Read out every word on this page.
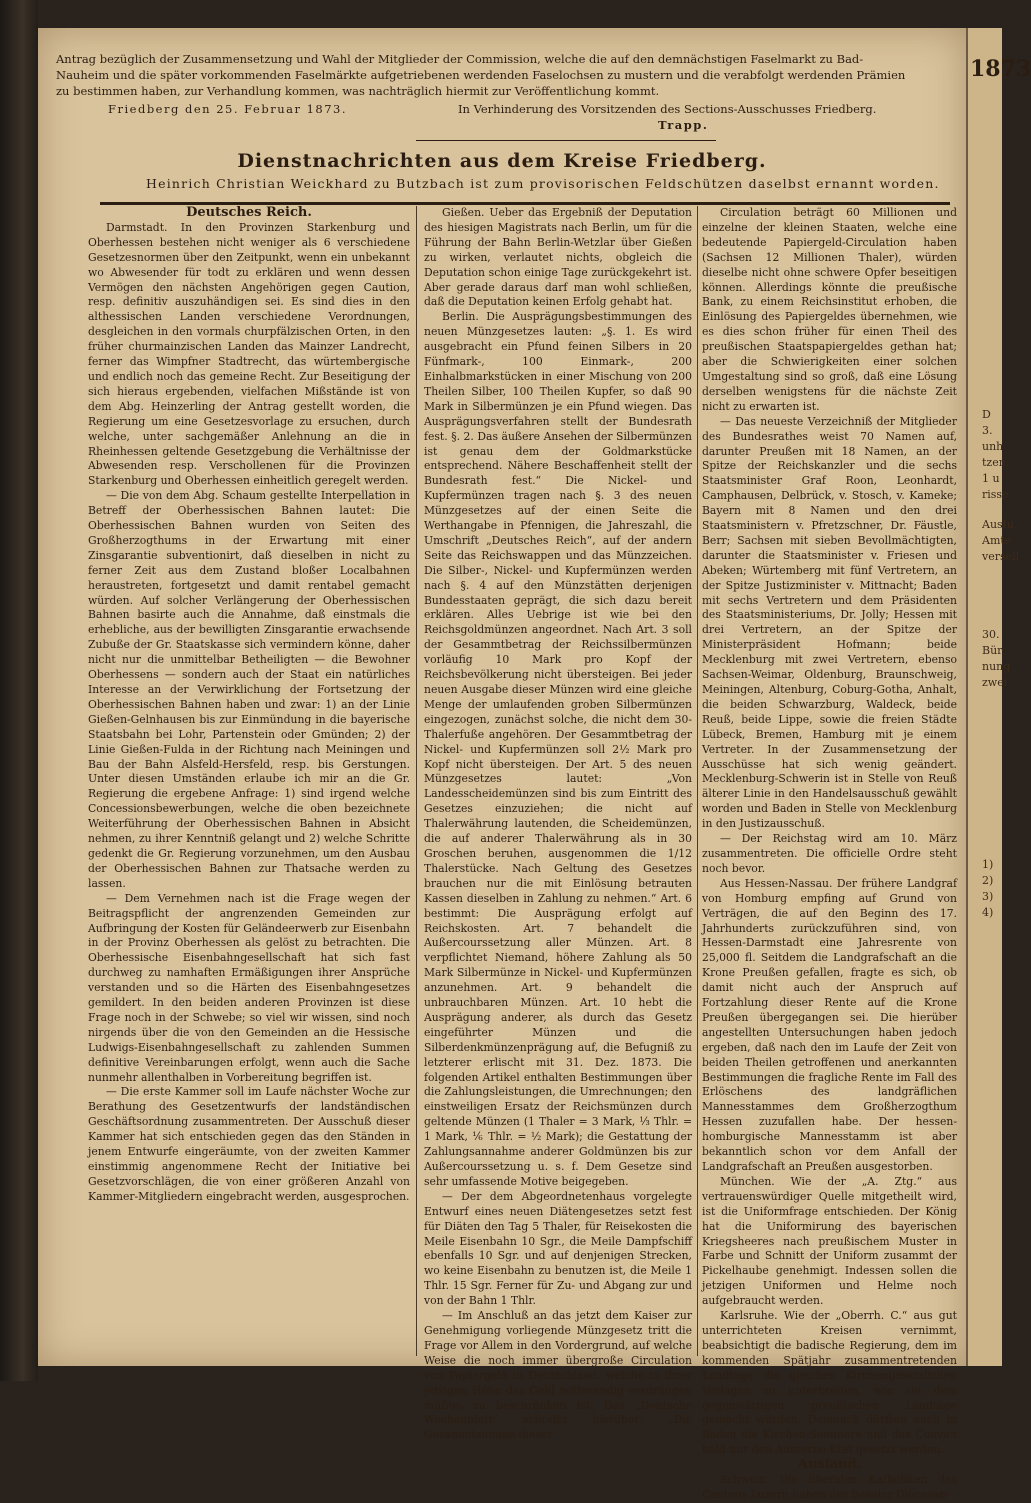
Antrag bezüglich der Zusammensetzung und Wahl der Mitglieder der Commission, welche die auf den demnächstigen Faselmarkt zu Bad-
Nauheim und die später vorkommenden Faselmärkte aufgetriebenen werdenden Faselochsen zu mustern und die verabfolgt werdenden Prämien
zu bestimmen haben, zur Verhandlung kommen, was nachträglich hiermit zur Veröffentlichung kommt.
Friedberg den 25. Februar 1873.	In Verhinderung des Vorsitzenden des Sections-Ausschusses Friedberg.
Trapp.
Dienstnachrichten aus dem Kreise Friedberg.
Heinrich Christian Weickhard zu Butzbach ist zum provisorischen Feldschützen daselbst ernannt worden.

Deutsches Reich.

Darmstadt. In den Provinzen Starkenburg und Oberhessen bestehen nicht weniger als 6 verschiedene Gesetzesnormen über den Zeitpunkt, wenn ein unbekannt wo Abwesender für todt zu erklären und wenn dessen Vermögen den nächsten Angehörigen gegen Caution, resp. definitiv auszuhändigen sei. Es sind dies in den althessischen Landen verschiedene Verordnungen, desgleichen in den vormals churpfälzischen Orten, in den früher churmainzischen Landen das Mainzer Landrecht, ferner das Wimpfner Stadtrecht, das würtembergische und endlich noch das gemeine Recht. Zur Beseitigung der sich hieraus ergebenden, vielfachen Mißstände ist von dem Abg. Heinzerling der Antrag gestellt worden, die Regierung um eine Gesetzesvorlage zu ersuchen, durch welche, unter sachgemäßer Anlehnung an die in Rheinhessen geltende Gesetzgebung die Verhältnisse der Abwesenden resp. Verschollenen für die Provinzen Starkenburg und Oberhessen einheitlich geregelt werden.

— Die von dem Abg. Schaum gestellte Interpellation in Betreff der Oberhessischen Bahnen lautet: Die Oberhessischen Bahnen wurden von Seiten des Großherzogthums in der Erwartung mit einer Zinsgarantie subventionirt, daß dieselben in nicht zu ferner Zeit aus dem Zustand bloßer Localbahnen heraustreten, fortgesetzt und damit rentabel gemacht würden. Auf solcher Verlängerung der Oberhessischen Bahnen basirte auch die Annahme, daß einstmals die erhebliche, aus der bewilligten Zinsgarantie erwachsende Zubuße der Gr. Staatskasse sich vermindern könne, daher nicht nur die unmittelbar Betheiligten — die Bewohner Oberhessens — sondern auch der Staat ein natürliches Interesse an der Verwirklichung der Fortsetzung der Oberhessischen Bahnen haben und zwar: 1) an der Linie Gießen-Gelnhausen bis zur Einmündung in die bayerische Staatsbahn bei Lohr, Partenstein oder Gmünden; 2) der Linie Gießen-Fulda in der Richtung nach Meiningen und Bau der Bahn Alsfeld-Hersfeld, resp. bis Gerstungen. Unter diesen Umständen erlaube ich mir an die Gr. Regierung die ergebene Anfrage: 1) sind irgend welche Concessionsbewerbungen, welche die oben bezeichnete Weiterführung der Oberhessischen Bahnen in Absicht nehmen, zu ihrer Kenntniß gelangt und 2) welche Schritte gedenkt die Gr. Regierung vorzunehmen, um den Ausbau der Oberhessischen Bahnen zur Thatsache werden zu lassen.

— Dem Vernehmen nach ist die Frage wegen der Beitragspflicht der angrenzenden Gemeinden zur Aufbringung der Kosten für Geländeerwerb zur Eisenbahn in der Provinz Oberhessen als gelöst zu betrachten. Die Oberhessische Eisenbahngesellschaft hat sich fast durchweg zu namhaften Ermäßigungen ihrer Ansprüche verstanden und so die Härten des Eisenbahngesetzes gemildert. In den beiden anderen Provinzen ist diese Frage noch in der Schwebe; so viel wir wissen, sind noch nirgends über die von den Gemeinden an die Hessische Ludwigs-Eisenbahngesellschaft zu zahlenden Summen definitive Vereinbarungen erfolgt, wenn auch die Sache nunmehr allenthalben in Vorbereitung begriffen ist.

— Die erste Kammer soll im Laufe nächster Woche zur Berathung des Gesetzentwurfs der landständischen Geschäftsordnung zusammentreten. Der Ausschuß dieser Kammer hat sich entschieden gegen das den Ständen in jenem Entwurfe eingeräumte, von der zweiten Kammer einstimmig angenommene Recht der Initiative bei Gesetzvorschlägen, die von einer größeren Anzahl von Kammer-Mitgliedern eingebracht werden, ausgesprochen.

Gießen. Ueber das Ergebniß der Deputation des hiesigen Magistrats nach Berlin, um für die Führung der Bahn Berlin-Wetzlar über Gießen zu wirken, verlautet nichts, obgleich die Deputation schon einige Tage zurückgekehrt ist. Aber gerade daraus darf man wohl schließen, daß die Deputation keinen Erfolg gehabt hat.

Berlin. Die Ausprägungsbestimmungen des neuen Münzgesetzes lauten: „§. 1. Es wird ausgebracht ein Pfund feinen Silbers in 20 Fünfmark-, 100 Einmark-, 200 Einhalbmarkstücken in einer Mischung von 200 Theilen Silber, 100 Theilen Kupfer, so daß 90 Mark in Silbermünzen je ein Pfund wiegen. Das Ausprägungsverfahren stellt der Bundesrath fest. §. 2. Das äußere Ansehen der Silbermünzen ist genau dem der Goldmarkstücke entsprechend. Nähere Beschaffenheit stellt der Bundesrath fest.“ Die Nickel- und Kupfermünzen tragen nach §. 3 des neuen Münzgesetzes auf der einen Seite die Werthangabe in Pfennigen, die Jahreszahl, die Umschrift „Deutsches Reich“, auf der andern Seite das Reichswappen und das Münzzeichen. Die Silber-, Nickel- und Kupfermünzen werden nach §. 4 auf den Münzstätten derjenigen Bundesstaaten geprägt, die sich dazu bereit erklären. Alles Uebrige ist wie bei den Reichsgoldmünzen angeordnet. Nach Art. 3 soll der Gesammtbetrag der Reichssilbermünzen vorläufig 10 Mark pro Kopf der Reichsbevölkerung nicht übersteigen. Bei jeder neuen Ausgabe dieser Münzen wird eine gleiche Menge der umlaufenden groben Silbermünzen eingezogen, zunächst solche, die nicht dem 30-Thalerfuße angehören. Der Gesammtbetrag der Nickel- und Kupfermünzen soll 2½ Mark pro Kopf nicht übersteigen. Der Art. 5 des neuen Münzgesetzes lautet: „Von Landesscheidemünzen sind bis zum Eintritt des Gesetzes einzuziehen; die nicht auf Thalerwährung lautenden, die Scheidemünzen, die auf anderer Thalerwährung als in 30 Groschen beruhen, ausgenommen die 1/12 Thalerstücke. Nach Geltung des Gesetzes brauchen nur die mit Einlösung betrauten Kassen dieselben in Zahlung zu nehmen.“ Art. 6 bestimmt: Die Ausprägung erfolgt auf Reichskosten. Art. 7 behandelt die Außercourssetzung aller Münzen. Art. 8 verpflichtet Niemand, höhere Zahlung als 50 Mark Silbermünze in Nickel- und Kupfermünzen anzunehmen. Art. 9 behandelt die unbrauchbaren Münzen. Art. 10 hebt die Ausprägung anderer, als durch das Gesetz eingeführter Münzen und die Silberdenkmünzenprägung auf, die Befugniß zu letzterer erlischt mit 31. Dez. 1873. Die folgenden Artikel enthalten Bestimmungen über die Zahlungsleistungen, die Umrechnungen; den einstweiligen Ersatz der Reichsmünzen durch geltende Münzen (1 Thaler = 3 Mark, ⅓ Thlr. = 1 Mark, ⅙ Thlr. = ½ Mark); die Gestattung der Zahlungsannahme anderer Goldmünzen bis zur Außercourssetzung u. s. f. Dem Gesetze sind sehr umfassende Motive beigegeben.

— Der dem Abgeordnetenhaus vorgelegte Entwurf eines neuen Diätengesetzes setzt fest für Diäten den Tag 5 Thaler, für Reisekosten die Meile Eisenbahn 10 Sgr., die Meile Dampfschiff ebenfalls 10 Sgr. und auf denjenigen Strecken, wo keine Eisenbahn zu benutzen ist, die Meile 1 Thlr. 15 Sgr. Ferner für Zu- und Abgang zur und von der Bahn 1 Thlr.

— Im Anschluß an das jetzt dem Kaiser zur Genehmigung vorliegende Münzgesetz tritt die Frage vor Allem in den Vordergrund, auf welche Weise die noch immer übergroße Circulation von Papiergeld in Deutschland, welche in ihrer jetzigen Höhe das Geld nothwendig verdrängen müßte, zu beschränken ist. Das „Deutsche Wochenblatt“ schreibt hierüber: „Die Gesammtsumme dieser

Circulation beträgt 60 Millionen und einzelne der kleinen Staaten, welche eine bedeutende Papiergeld-Circulation haben (Sachsen 12 Millionen Thaler), würden dieselbe nicht ohne schwere Opfer beseitigen können. Allerdings könnte die preußische Bank, zu einem Reichsinstitut erhoben, die Einlösung des Papiergeldes übernehmen, wie es dies schon früher für einen Theil des preußischen Staatspapiergeldes gethan hat; aber die Schwierigkeiten einer solchen Umgestaltung sind so groß, daß eine Lösung derselben wenigstens für die nächste Zeit nicht zu erwarten ist.

— Das neueste Verzeichniß der Mitglieder des Bundesrathes weist 70 Namen auf, darunter Preußen mit 18 Namen, an der Spitze der Reichskanzler und die sechs Staatsminister Graf Roon, Leonhardt, Camphausen, Delbrück, v. Stosch, v. Kameke; Bayern mit 8 Namen und den drei Staatsministern v. Pfretzschner, Dr. Fäustle, Berr; Sachsen mit sieben Bevollmächtigten, darunter die Staatsminister v. Friesen und Abeken; Würtemberg mit fünf Vertretern, an der Spitze Justizminister v. Mittnacht; Baden mit sechs Vertretern und dem Präsidenten des Staatsministeriums, Dr. Jolly; Hessen mit drei Vertretern, an der Spitze der Ministerpräsident Hofmann; beide Mecklenburg mit zwei Vertretern, ebenso Sachsen-Weimar, Oldenburg, Braunschweig, Meiningen, Altenburg, Coburg-Gotha, Anhalt, die beiden Schwarzburg, Waldeck, beide Reuß, beide Lippe, sowie die freien Städte Lübeck, Bremen, Hamburg mit je einem Vertreter. In der Zusammensetzung der Ausschüsse hat sich wenig geändert. Mecklenburg-Schwerin ist in Stelle von Reuß älterer Linie in den Handelsausschuß gewählt worden und Baden in Stelle von Mecklenburg in den Justizausschuß.

— Der Reichstag wird am 10. März zusammentreten. Die officielle Ordre steht noch bevor.

Aus Hessen-Nassau. Der frühere Landgraf von Homburg empfing auf Grund von Verträgen, die auf den Beginn des 17. Jahrhunderts zurückzuführen sind, von Hessen-Darmstadt eine Jahresrente von 25,000 fl. Seitdem die Landgrafschaft an die Krone Preußen gefallen, fragte es sich, ob damit nicht auch der Anspruch auf Fortzahlung dieser Rente auf die Krone Preußen übergegangen sei. Die hierüber angestellten Untersuchungen haben jedoch ergeben, daß nach den im Laufe der Zeit von beiden Theilen getroffenen und anerkannten Bestimmungen die fragliche Rente im Fall des Erlöschens des landgräflichen Mannesstammes dem Großherzogthum Hessen zuzufallen habe. Der hessen-homburgische Mannesstamm ist aber bekanntlich schon vor dem Anfall der Landgrafschaft an Preußen ausgestorben.

München. Wie der „A. Ztg.“ aus vertrauenswürdiger Quelle mitgetheilt wird, ist die Uniformfrage entschieden. Der König hat die Uniformirung des bayerischen Kriegsheeres nach preußischem Muster in Farbe und Schnitt der Uniform zusammt der Pickelhaube genehmigt. Indessen sollen die jetzigen Uniformen und Helme noch aufgebraucht werden.

Karlsruhe. Wie der „Oberrh. C.“ aus gut unterrichteten Kreisen vernimmt, beabsichtigt die badische Regierung, dem im kommenden Spätjahr zusammentretenden Landtage die gleichen Kirchengesetzlichen Vorlagen zu unterbreiten, wie sie dem gegenwärtigen preußischen Landtage gemacht wurden. Demnach dürften auch in Baden die Kirchen-Seminare und das Convict bald nur den Ausserbe-Etat gesetzt werden.

Ausland.

Schweiz. Die liberalen Katholiken des Cantons Luzern haben der Baseler Diöcesan-

1873
D
3.
unh
tzen.
1 u
risse
Ausfu
Amte
versell
30.
Bür
nung
zwei
1)
2)
3)
4)
